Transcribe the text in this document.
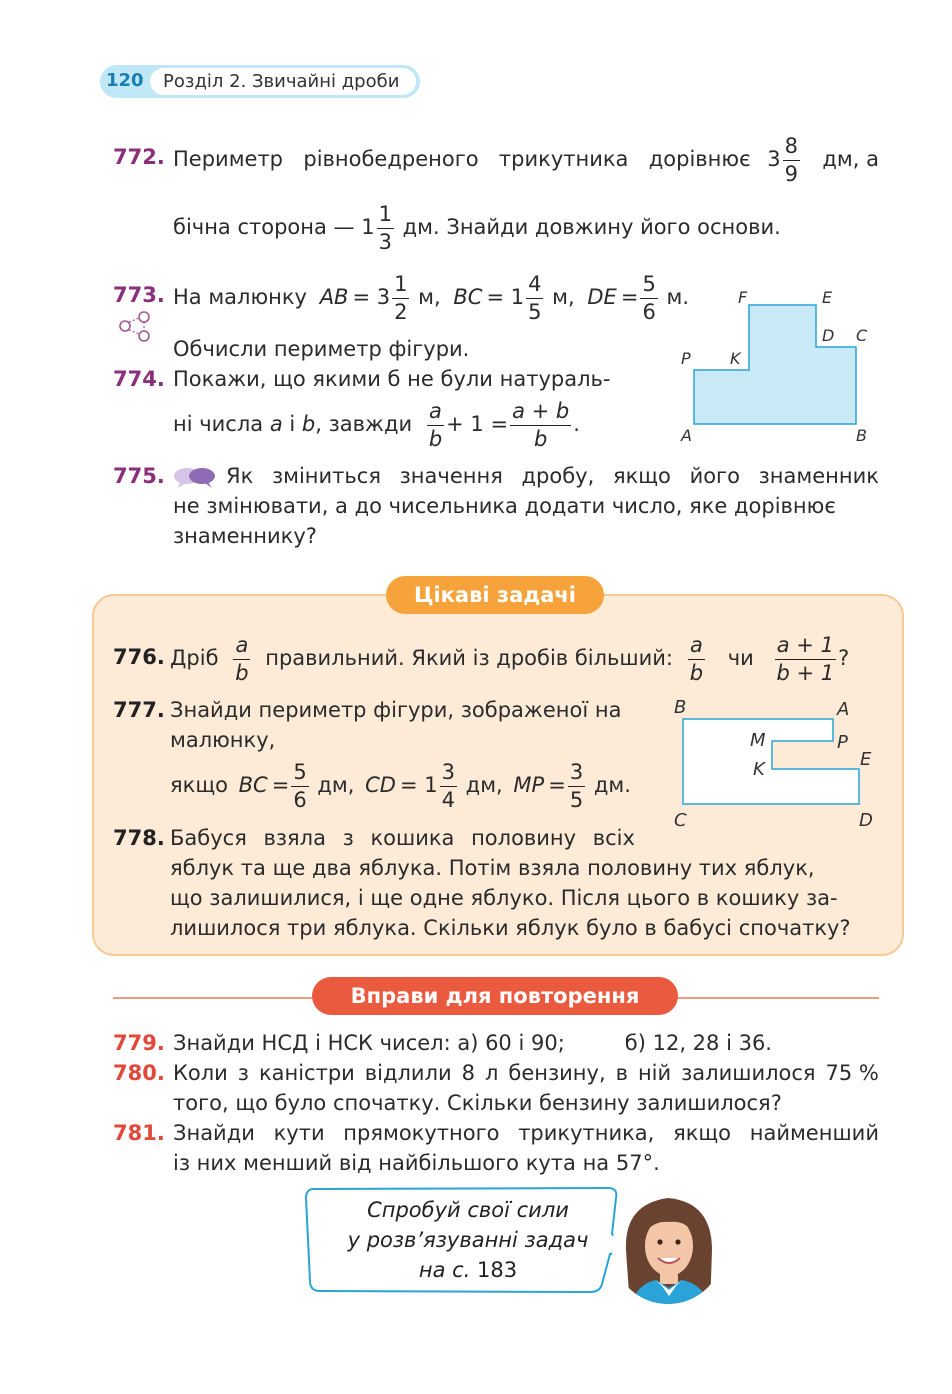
120 Розділ 2. Звичайні дроби
772. Периметр рівнобедреного трикутника дорівнює $3 \frac{8}{9}$ дм, а
бічна сторона — $1 \frac{1}{3}$ дм. Знайди довжину його основи.
773. На малюнку AB = $3 \frac{1}{2} м$, BC = $1 \frac{4}{5} м$, DE = $\frac{5}{6} м$.
Обчисли периметр фігури.
774. Покажи, що якими б не були натураль-
ні числа a і b, завжди $\frac{a}{b} + 1 = \frac{a + b}{b}$ .
F	E
D C
P K
A	B
775.	Як зміниться значення дробу, якщо його знаменник
не змінювати, а до чисельника додати число, яке дорівнює
знаменнику?
Цікаві задачі
776. Дріб $\frac{a}{b}$ правильний. Який із дробів більший: $\frac{a}{b}$ чи $\frac{a + 1}{b + 1}$ ?
777. Знайди периметр фігури, зображеної на
малюнку,
якщо BC = $\frac{5}{6}$ дм, CD = $1 \frac{3}{4}$ дм, MP = $\frac{3}{5}$ дм.
B	A
M	P
K	E
C	D
778. Бабуся взяла з кошика половину всіх
яблук та ще два яблука. Потім взяла половину тих яблук,
що залишилися, і ще одне яблуко. Після цього в кошику за-
лишилося три яблука. Скільки яблук було в бабусі спочатку?
Вправи для повторення
779. Знайди НСД і НСК чисел: а) 60 і 90;	б) 12, 28 і 36.
780. Коли з каністри відлили 8 л бензину, в ній залишилося 75 %
того, що було спочатку. Скільки бензину залишилося?
781. Знайди кути прямокутного трикутника, якщо найменший
із них менший від найбільшого кута на 57°.
Спробуй свої сили
у розв’язуванні задач
на с. 183
